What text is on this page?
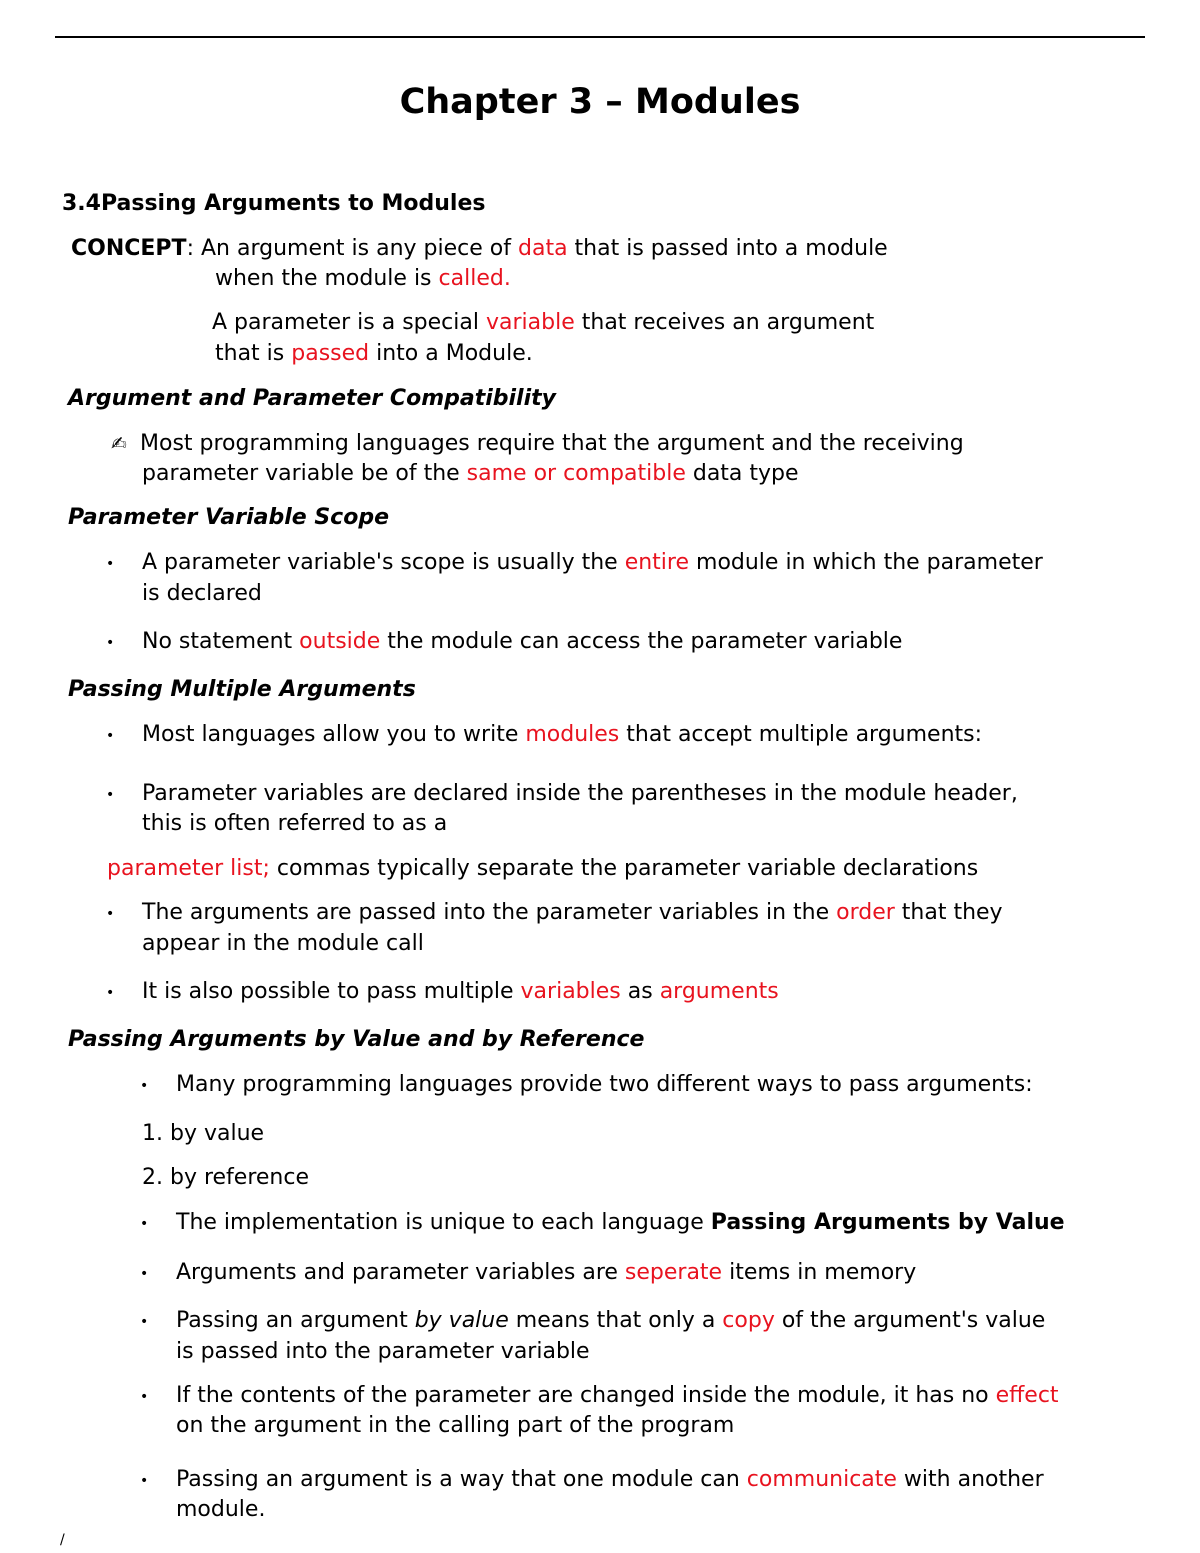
Chapter 3 – Modules
3.4Passing Arguments to Modules
CONCEPT: An argument is any piece of data that is passed into a module
when the module is called.
A parameter is a special variable that receives an argument
that is passed into a Module.
Argument and Parameter Compatibility
✍ Most programming languages require that the argument and the receiving
parameter variable be of the same or compatible data type
Parameter Variable Scope
• A parameter variable's scope is usually the entire module in which the parameter
is declared
• No statement outside the module can access the parameter variable
Passing Multiple Arguments
• Most languages allow you to write modules that accept multiple arguments:
• Parameter variables are declared inside the parentheses in the module header,
this is often referred to as a
parameter list; commas typically separate the parameter variable declarations
• The arguments are passed into the parameter variables in the order that they
appear in the module call
• It is also possible to pass multiple variables as arguments
Passing Arguments by Value and by Reference
• Many programming languages provide two different ways to pass arguments:
1. by value
2. by reference
• The implementation is unique to each language Passing Arguments by Value
• Arguments and parameter variables are seperate items in memory
• Passing an argument by value means that only a copy of the argument's value
is passed into the parameter variable
• If the contents of the parameter are changed inside the module, it has no effect
on the argument in the calling part of the program
• Passing an argument is a way that one module can communicate with another
module.
/
